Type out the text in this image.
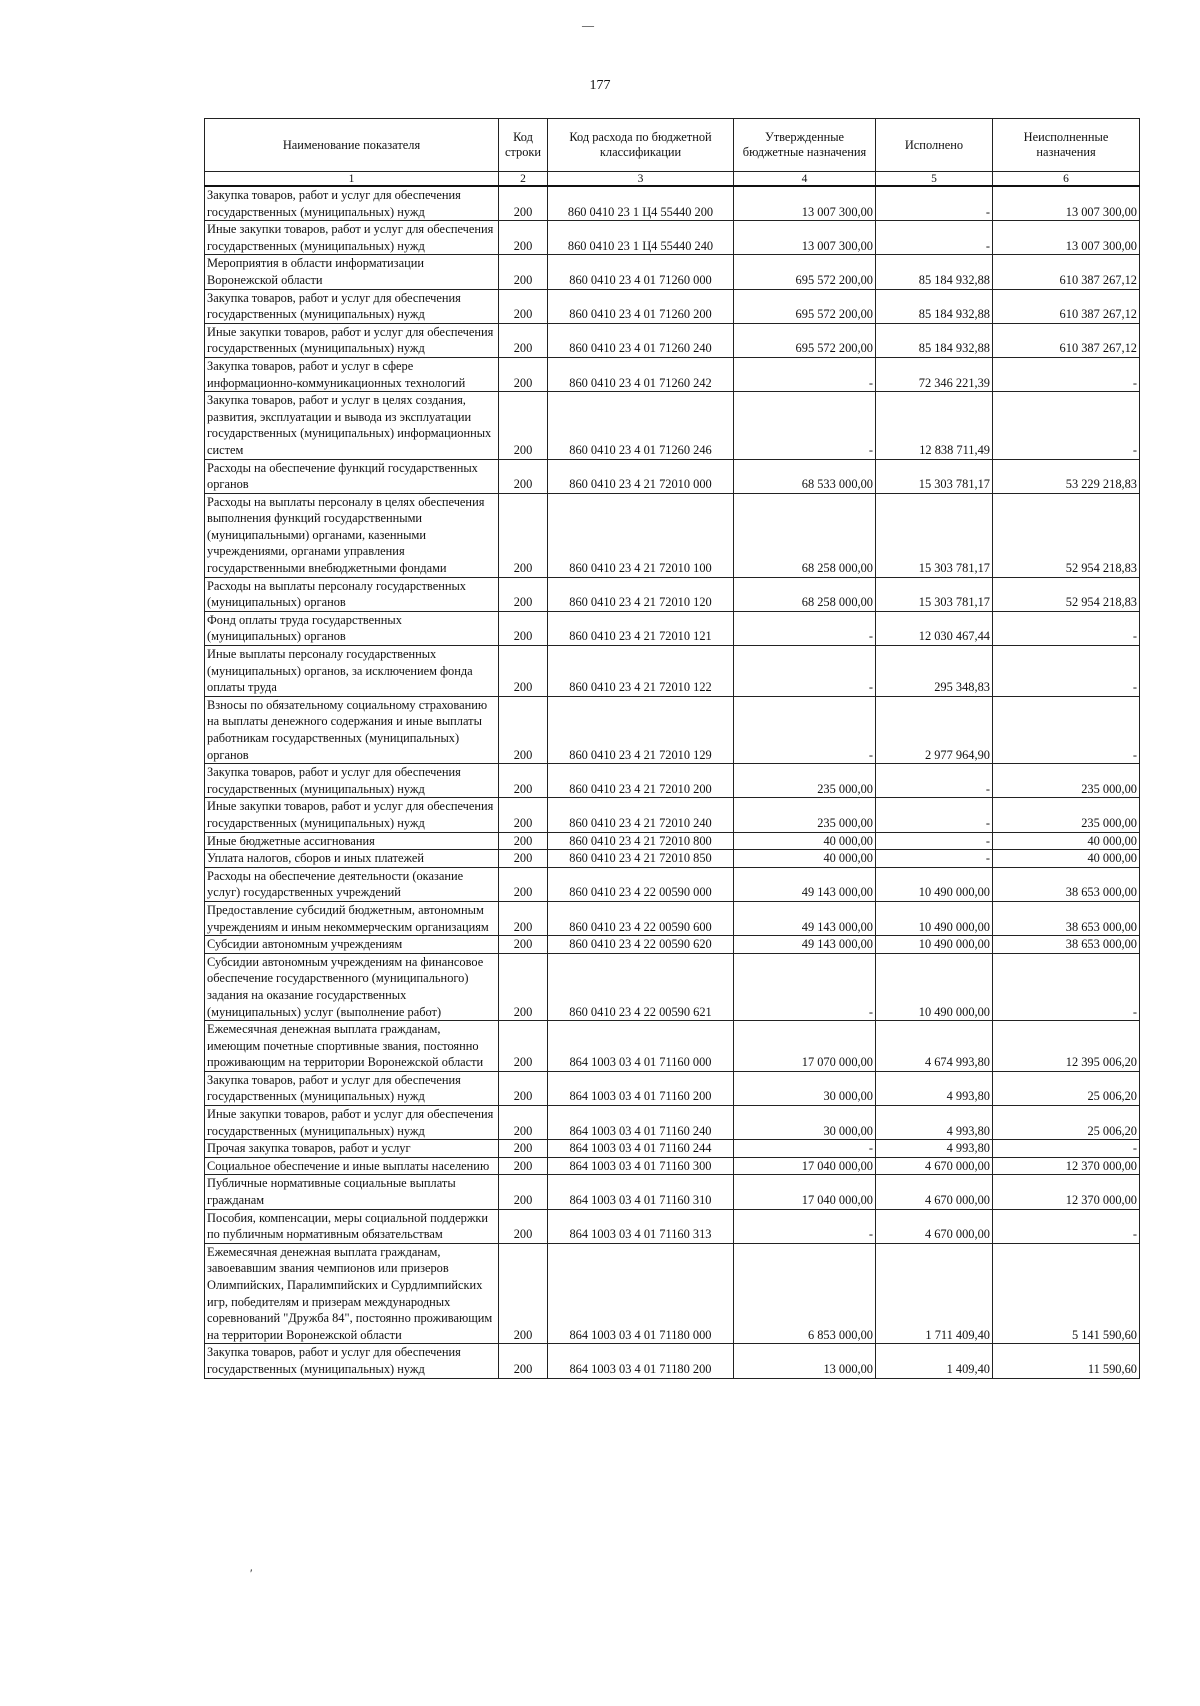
—
177
Наименование показателя	Код строки	Код расхода по бюджетной классификации	Утвержденные бюджетные назначения	Исполнено	Неисполненные назначения
1	2	3	4	5	6
Закупка товаров, работ и услуг для обеспечения государственных (муниципальных) нужд	200	860 0410 23 1 Ц4 55440 200	13 007 300,00	-	13 007 300,00
Иные закупки товаров, работ и услуг для обеспечения государственных (муниципальных) нужд	200	860 0410 23 1 Ц4 55440 240	13 007 300,00	-	13 007 300,00
Мероприятия в области информатизации Воронежской области	200	860 0410 23 4 01 71260 000	695 572 200,00	85 184 932,88	610 387 267,12
Закупка товаров, работ и услуг для обеспечения государственных (муниципальных) нужд	200	860 0410 23 4 01 71260 200	695 572 200,00	85 184 932,88	610 387 267,12
Иные закупки товаров, работ и услуг для обеспечения государственных (муниципальных) нужд	200	860 0410 23 4 01 71260 240	695 572 200,00	85 184 932,88	610 387 267,12
Закупка товаров, работ и услуг в сфере информационно-коммуникационных технологий	200	860 0410 23 4 01 71260 242	-	72 346 221,39	-
Закупка товаров, работ и услуг в целях создания, развития, эксплуатации и вывода из эксплуатации государственных (муниципальных) информационных систем	200	860 0410 23 4 01 71260 246	-	12 838 711,49	-
Расходы на обеспечение функций государственных органов	200	860 0410 23 4 21 72010 000	68 533 000,00	15 303 781,17	53 229 218,83
Расходы на выплаты персоналу в целях обеспечения выполнения функций государственными (муниципальными) органами, казенными учреждениями, органами управления государственными внебюджетными фондами	200	860 0410 23 4 21 72010 100	68 258 000,00	15 303 781,17	52 954 218,83
Расходы на выплаты персоналу государственных (муниципальных) органов	200	860 0410 23 4 21 72010 120	68 258 000,00	15 303 781,17	52 954 218,83
Фонд оплаты труда государственных (муниципальных) органов	200	860 0410 23 4 21 72010 121	-	12 030 467,44	-
Иные выплаты персоналу государственных (муниципальных) органов, за исключением фонда оплаты труда	200	860 0410 23 4 21 72010 122	-	295 348,83	-
Взносы по обязательному социальному страхованию на выплаты денежного содержания и иные выплаты работникам государственных (муниципальных) органов	200	860 0410 23 4 21 72010 129	-	2 977 964,90	-
Закупка товаров, работ и услуг для обеспечения государственных (муниципальных) нужд	200	860 0410 23 4 21 72010 200	235 000,00	-	235 000,00
Иные закупки товаров, работ и услуг для обеспечения государственных (муниципальных) нужд	200	860 0410 23 4 21 72010 240	235 000,00	-	235 000,00
Иные бюджетные ассигнования	200	860 0410 23 4 21 72010 800	40 000,00	-	40 000,00
Уплата налогов, сборов и иных платежей	200	860 0410 23 4 21 72010 850	40 000,00	-	40 000,00
Расходы на обеспечение деятельности (оказание услуг) государственных учреждений	200	860 0410 23 4 22 00590 000	49 143 000,00	10 490 000,00	38 653 000,00
Предоставление субсидий бюджетным, автономным учреждениям и иным некоммерческим организациям	200	860 0410 23 4 22 00590 600	49 143 000,00	10 490 000,00	38 653 000,00
Субсидии автономным учреждениям	200	860 0410 23 4 22 00590 620	49 143 000,00	10 490 000,00	38 653 000,00
Субсидии автономным учреждениям на финансовое обеспечение государственного (муниципального) задания на оказание государственных (муниципальных) услуг (выполнение работ)	200	860 0410 23 4 22 00590 621	-	10 490 000,00	-
Ежемесячная денежная выплата гражданам, имеющим почетные спортивные звания, постоянно проживающим на территории Воронежской области	200	864 1003 03 4 01 71160 000	17 070 000,00	4 674 993,80	12 395 006,20
Закупка товаров, работ и услуг для обеспечения государственных (муниципальных) нужд	200	864 1003 03 4 01 71160 200	30 000,00	4 993,80	25 006,20
Иные закупки товаров, работ и услуг для обеспечения государственных (муниципальных) нужд	200	864 1003 03 4 01 71160 240	30 000,00	4 993,80	25 006,20
Прочая закупка товаров, работ и услуг	200	864 1003 03 4 01 71160 244	-	4 993,80	-
Социальное обеспечение и иные выплаты населению	200	864 1003 03 4 01 71160 300	17 040 000,00	4 670 000,00	12 370 000,00
Публичные нормативные социальные выплаты гражданам	200	864 1003 03 4 01 71160 310	17 040 000,00	4 670 000,00	12 370 000,00
Пособия, компенсации, меры социальной поддержки по публичным нормативным обязательствам	200	864 1003 03 4 01 71160 313	-	4 670 000,00	-
Ежемесячная денежная выплата гражданам, завоевавшим звания чемпионов или призеров Олимпийских, Паралимпийских и Сурдлимпийских игр, победителям и призерам международных соревнований "Дружба 84", постоянно проживающим на территории Воронежской области	200	864 1003 03 4 01 71180 000	6 853 000,00	1 711 409,40	5 141 590,60
Закупка товаров, работ и услуг для обеспечения государственных (муниципальных) нужд	200	864 1003 03 4 01 71180 200	13 000,00	1 409,40	11 590,60
′
